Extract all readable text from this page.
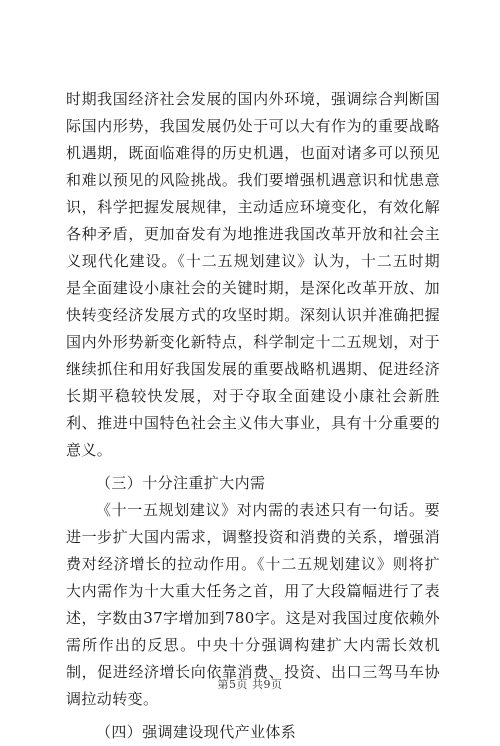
时期我国经济社会发展的国内外环境，强调综合判断国际国内形势，我国发展仍处于可以大有作为的重要战略机遇期，既面临难得的历史机遇，也面对诸多可以预见和难以预见的风险挑战。我们要增强机遇意识和忧患意识，科学把握发展规律，主动适应环境变化，有效化解各种矛盾，更加奋发有为地推进我国改革开放和社会主义现代化建设。《十二五规划建议》认为，十二五时期是全面建设小康社会的关键时期，是深化改革开放、加快转变经济发展方式的攻坚时期。深刻认识并准确把握国内外形势新变化新特点，科学制定十二五规划，对于继续抓住和用好我国发展的重要战略机遇期、促进经济长期平稳较快发展，对于夺取全面建设小康社会新胜利、推进中国特色社会主义伟大事业，具有十分重要的意义。

（三）十分注重扩大内需

《十一五规划建议》对内需的表述只有一句话。要进一步扩大国内需求，调整投资和消费的关系，增强消费对经济增长的拉动作用。《十二五规划建议》则将扩大内需作为十大重大任务之首，用了大段篇幅进行了表述，字数由37字增加到780字。这是对我国过度依赖外需所作出的反思。中央十分强调构建扩大内需长效机制，促进经济增长向依靠消费、投资、出口三驾马车协调拉动转变。

（四）强调建设现代产业体系

第5页 共9页
